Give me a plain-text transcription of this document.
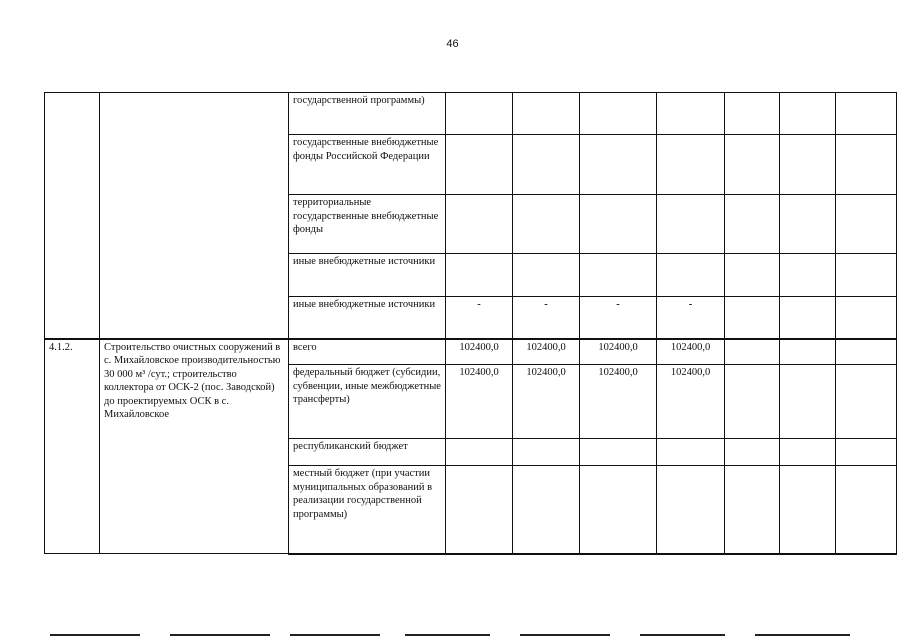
46
		государственной программы)							
		государственные внебюджетные фонды Российской Федерации							
		территориальные государственные внебюджетные фонды							
		иные внебюджетные источники							
		иные внебюджетные источники	-	-	-	-			
4.1.2.	Строительство очистных сооружений в с. Михайловское производительностью 30 000 м³ /сут.; строительство коллектора от ОСК-2 (пос. Заводской) до проектируемых ОСК в с. Михайловское	всего	102400,0	102400,0	102400,0	102400,0			
		федеральный бюджет (субсидии, субвенции, иные межбюджетные трансферты)	102400,0	102400,0	102400,0	102400,0			
		республиканский бюджет							
		местный бюджет (при участии муниципальных образований в реализации государственной программы)							
